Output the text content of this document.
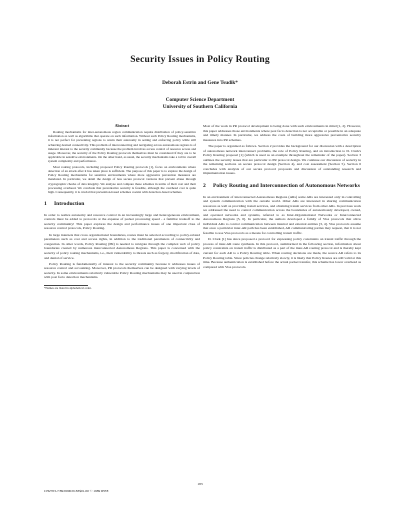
Security Issues in Policy Routing
Deborah Estrin and Gene Tsudik*
Computer Science Department
University of Southern California
Abstract

Routing mechanisms for inter-autonomous region communication require distribution of policy-sensitive information as well as algorithms that operate on such information. Without such Policy Routing mechanisms, it is not perfect for preventing regions to retain their autonomy in setting and enforcing policy while still achieving desired connectivity. This problem of interconnecting and navigating across autonomous regions is of inherent interest to the security community because the problem involves access control of resource access and usage. Moreover, the security of the Policy Routing protocols themselves must be considered if they are to be applicable in sensitive environments. On the other hand, as usual, the security mechanisms take a toll in overall system complexity and performance.

Most routing protocols, including proposed Policy Routing protocols [1], focus on environments where detection of an attack after it has taken place is sufficient. The purpose of this paper is to explore the design of Policy Routing mechanisms for sensitive environments where more aggressive prevention measures are mandated. In particular, we detail the design of less secure protocol versions that prevent abuse through cryptographic checks of data integrity. We analyze and compare these schemes in terms of their cost and their processing overhead. We conclude that preventative security is feasible, although the overhead cost is quite high. Consequently, it is crucial that prevention-based schemes coexist with detection-based schemes.

1 Introduction

In order to realize autonomy and resource control in an increasingly large and heterogeneous environment, controls must be added to protocols at the expense of packet processing speed - a familiar tradeoff to the security community! This paper explores the design and performance issues of one important class of resource control protocols, Policy Routing.

In large internets that cross organizational boundaries, routes must be selected according to policy-related parameters such as cost and access rights, in addition to the traditional parameters of connectivity and congestion. In other words, Policy Routing (PR) is needed to navigate through the complex web of policy boundaries created by numerous interconnected Autonomous Regions. This paper is concerned with the security of policy routing mechanisms, i.e., their vulnerability to threats such as forgery, modification of data, and denial of service.

Policy Routing is fundamentally of interest to the security community because it addresses issues of resource control and accounting. Moreover, PR protocols themselves can be designed with varying levels of security. In some environments relatively vulnerable Policy Routing mechanisms may be used in conjunction with post facto detection mechanisms.

*Names are listed in alphabetical order.

Most of the work in PR protocol development is being done with such environments in mind [1, 2]. However, this paper addresses those environments where post facto detection is not acceptable or possible in an adequate and timely manner. In particular, we address the costs of building more aggressive preventative security measures into PR schemes.

The paper is organized as follows. Section 2 provides the background for our discussion with a description of autonomous network interconnect problems, the role of Policy Routing, and an introduction to D. Clark's Policy Routing proposal [1] (which is used as an example throughout the remainder of the paper). Section 3 outlines the security issues that are particular to PR protocol design. We continue our discussion of security in the remaining sections on secure protocol design (Section 4), and cost assessment (Section 5). Section 6 concludes with analysis of our secure protocol proposals and discussion of outstanding research and implementation issues.

2 Policy Routing and Interconnection of Autonomous Networks

In an environment of interconnected Autonomous Regions (ARs) some ARs are interested only in controlling and system communication with the outside world. Other ARs are interested in sharing communication resources as well as providing transit services, and obtaining transit services from other ARs. In previous work we addressed the need to control communication across the boundaries of autonomously developed, owned, and operated networks and systems, referred to as Inter-Organizational Networks or Interconnected Autonomous Regions [5, 6]. In particular, the authors developed a family of Visa protocols that allow individual ARs to control communication between internal and external entities [3, 4]. Visa protocols assume that once a particular inter-AR path has been established, AR communicating parties may request, that it is not feasible to use Visa protocols as a means for controlling transit traffic.

D. Clark [1] has since proposed a protocol for expressing policy constraints on transit traffic through the process of inter-AR route synthesis. In this protocol, summarized in the following section, information about policy constraints on transit traffic is distributed as a part of the inter-AR routing protocol and is thereby kept current for each AR to a Policy Routing table. When routing decisions are made, the source AR refers to its Policy Routing table. Since policies change relatively slowly, it is likely that Policy Routes are still valid at this time. Because authentication is established before the actual packet transfer, this scheme has lower overhead as compared with Visa protocols.

183
CH2703-7/89/0000/0183$01.00 © 1989 IEEE
